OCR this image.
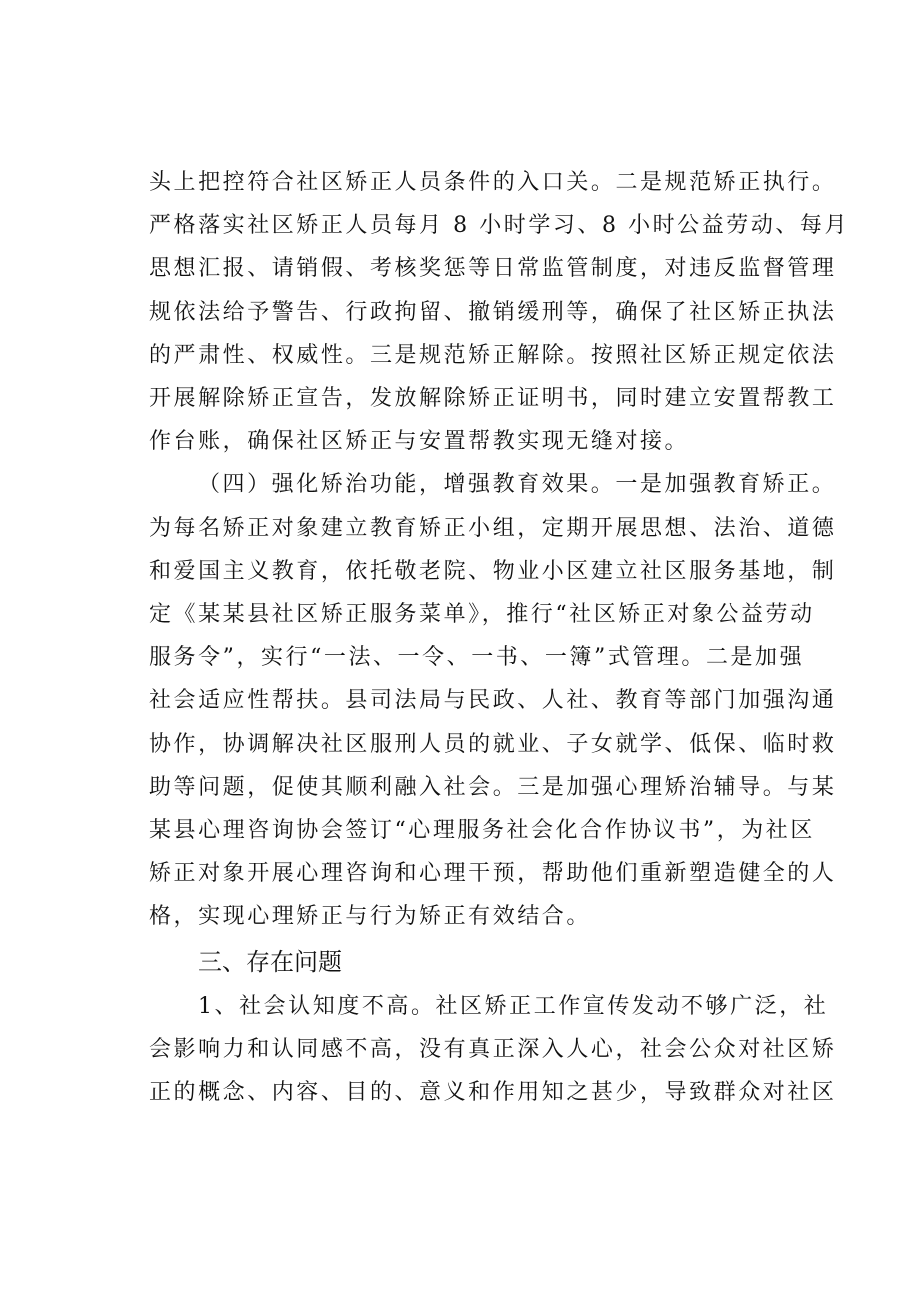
头上把控符合社区矫正人员条件的入口关。二是规范矫正执行。
严格落实社区矫正人员每月 8 小时学习、8 小时公益劳动、每月
思想汇报、请销假、考核奖惩等日常监管制度，对违反监督管理
规依法给予警告、行政拘留、撤销缓刑等，确保了社区矫正执法
的严肃性、权威性。三是规范矫正解除。按照社区矫正规定依法
开展解除矫正宣告，发放解除矫正证明书，同时建立安置帮教工
作台账，确保社区矫正与安置帮教实现无缝对接。
（四）强化矫治功能，增强教育效果。一是加强教育矫正。
为每名矫正对象建立教育矫正小组，定期开展思想、法治、道德
和爱国主义教育，依托敬老院、物业小区建立社区服务基地，制
定《某某县社区矫正服务菜单》，推行“社区矫正对象公益劳动
服务令”，实行“一法、一令、一书、一簿”式管理。二是加强
社会适应性帮扶。县司法局与民政、人社、教育等部门加强沟通
协作，协调解决社区服刑人员的就业、子女就学、低保、临时救
助等问题，促使其顺利融入社会。三是加强心理矫治辅导。与某
某县心理咨询协会签订“心理服务社会化合作协议书”，为社区
矫正对象开展心理咨询和心理干预，帮助他们重新塑造健全的人
格，实现心理矫正与行为矫正有效结合。
三、存在问题
1、社会认知度不高。社区矫正工作宣传发动不够广泛，社
会影响力和认同感不高，没有真正深入人心，社会公众对社区矫
正的概念、内容、目的、意义和作用知之甚少，导致群众对社区
